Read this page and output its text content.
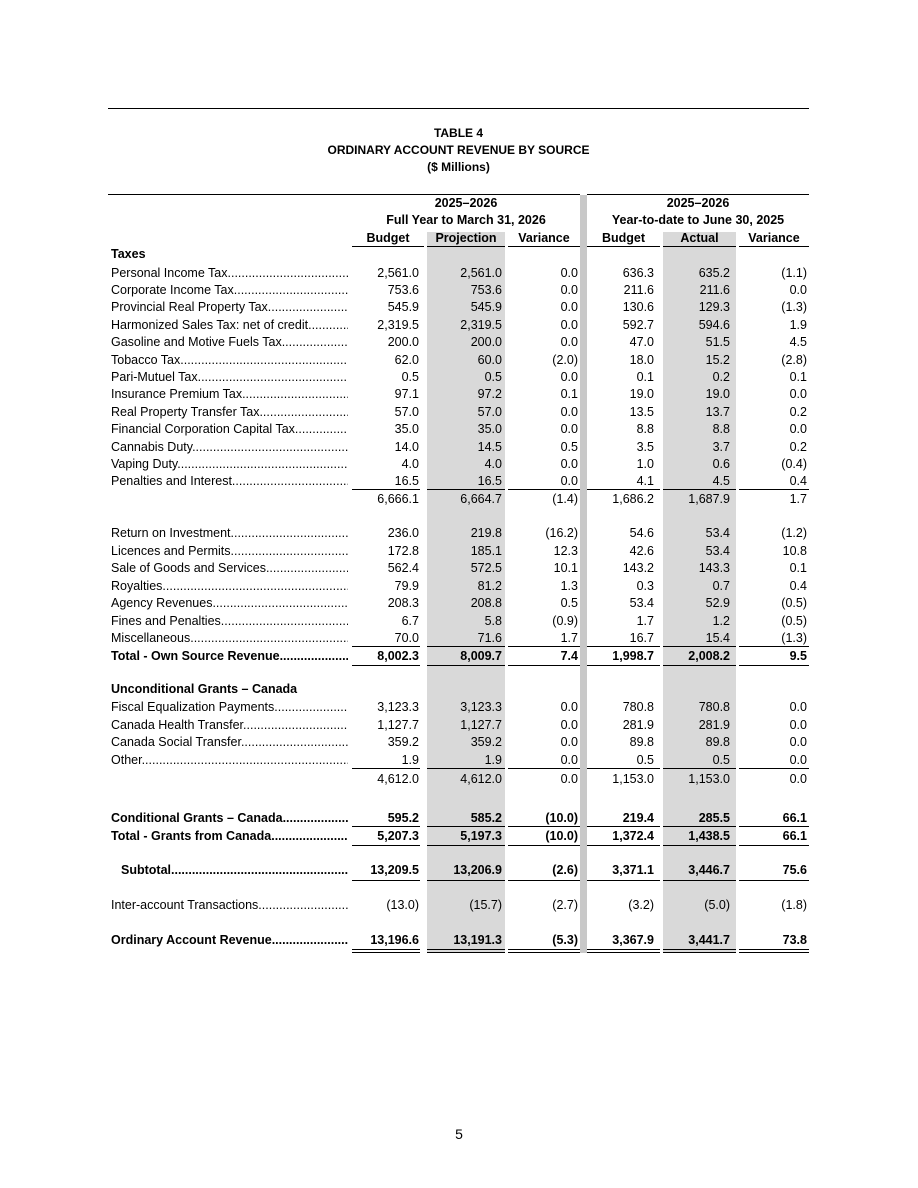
TABLE 4
ORDINARY ACCOUNT REVENUE BY SOURCE
($ Millions)
2025–2026
Full Year to March 31, 2026
2025–2026
Year-to-date to June 30, 2025
Budget	Projection	Variance	Budget	Actual	Variance
Taxes
Unconditional Grants – Canada
Personal Income Tax .....	2,561.0	2,561.0	0.0	636.3	635.2	(1.1)
Corporate Income Tax .....	753.6	753.6	0.0	211.6	211.6	0.0
Provincial Real Property Tax .....	545.9	545.9	0.0	130.6	129.3	(1.3)
Harmonized Sales Tax: net of credit .....	2,319.5	2,319.5	0.0	592.7	594.6	1.9
Gasoline and Motive Fuels Tax .....	200.0	200.0	0.0	47.0	51.5	4.5
Tobacco Tax .....	62.0	60.0	(2.0)	18.0	15.2	(2.8)
Pari-Mutuel Tax .....	0.5	0.5	0.0	0.1	0.2	0.1
Insurance Premium Tax .....	97.1	97.2	0.1	19.0	19.0	0.0
Real Property Transfer Tax .....	57.0	57.0	0.0	13.5	13.7	0.2
Financial Corporation Capital Tax .....	35.0	35.0	0.0	8.8	8.8	0.0
Cannabis Duty .....	14.0	14.5	0.5	3.5	3.7	0.2
Vaping Duty .....	4.0	4.0	0.0	1.0	0.6	(0.4)
Penalties and Interest .....	16.5	16.5	0.0	4.1	4.5	0.4
6,666.1	6,664.7	(1.4)	1,686.2	1,687.9	1.7
Return on Investment .....	236.0	219.8	(16.2)	54.6	53.4	(1.2)
Licences and Permits .....	172.8	185.1	12.3	42.6	53.4	10.8
Sale of Goods and Services .....	562.4	572.5	10.1	143.2	143.3	0.1
Royalties .....	79.9	81.2	1.3	0.3	0.7	0.4
Agency Revenues .....	208.3	208.8	0.5	53.4	52.9	(0.5)
Fines and Penalties .....	6.7	5.8	(0.9)	1.7	1.2	(0.5)
Miscellaneous .....	70.0	71.6	1.7	16.7	15.4	(1.3)
Total - Own Source Revenue .....	8,002.3	8,009.7	7.4	1,998.7	2,008.2	9.5
Fiscal Equalization Payments .....	3,123.3	3,123.3	0.0	780.8	780.8	0.0
Canada Health Transfer .....	1,127.7	1,127.7	0.0	281.9	281.9	0.0
Canada Social Transfer .....	359.2	359.2	0.0	89.8	89.8	0.0
Other .....	1.9	1.9	0.0	0.5	0.5	0.0
4,612.0	4,612.0	0.0	1,153.0	1,153.0	0.0
Conditional Grants – Canada .....	595.2	585.2	(10.0)	219.4	285.5	66.1
Total - Grants from Canada .....	5,207.3	5,197.3	(10.0)	1,372.4	1,438.5	66.1
Subtotal .....	13,209.5	13,206.9	(2.6)	3,371.1	3,446.7	75.6
Inter-account Transactions .....	(13.0)	(15.7)	(2.7)	(3.2)	(5.0)	(1.8)
Ordinary Account Revenue .....	13,196.6	13,191.3	(5.3)	3,367.9	3,441.7	73.8
5
